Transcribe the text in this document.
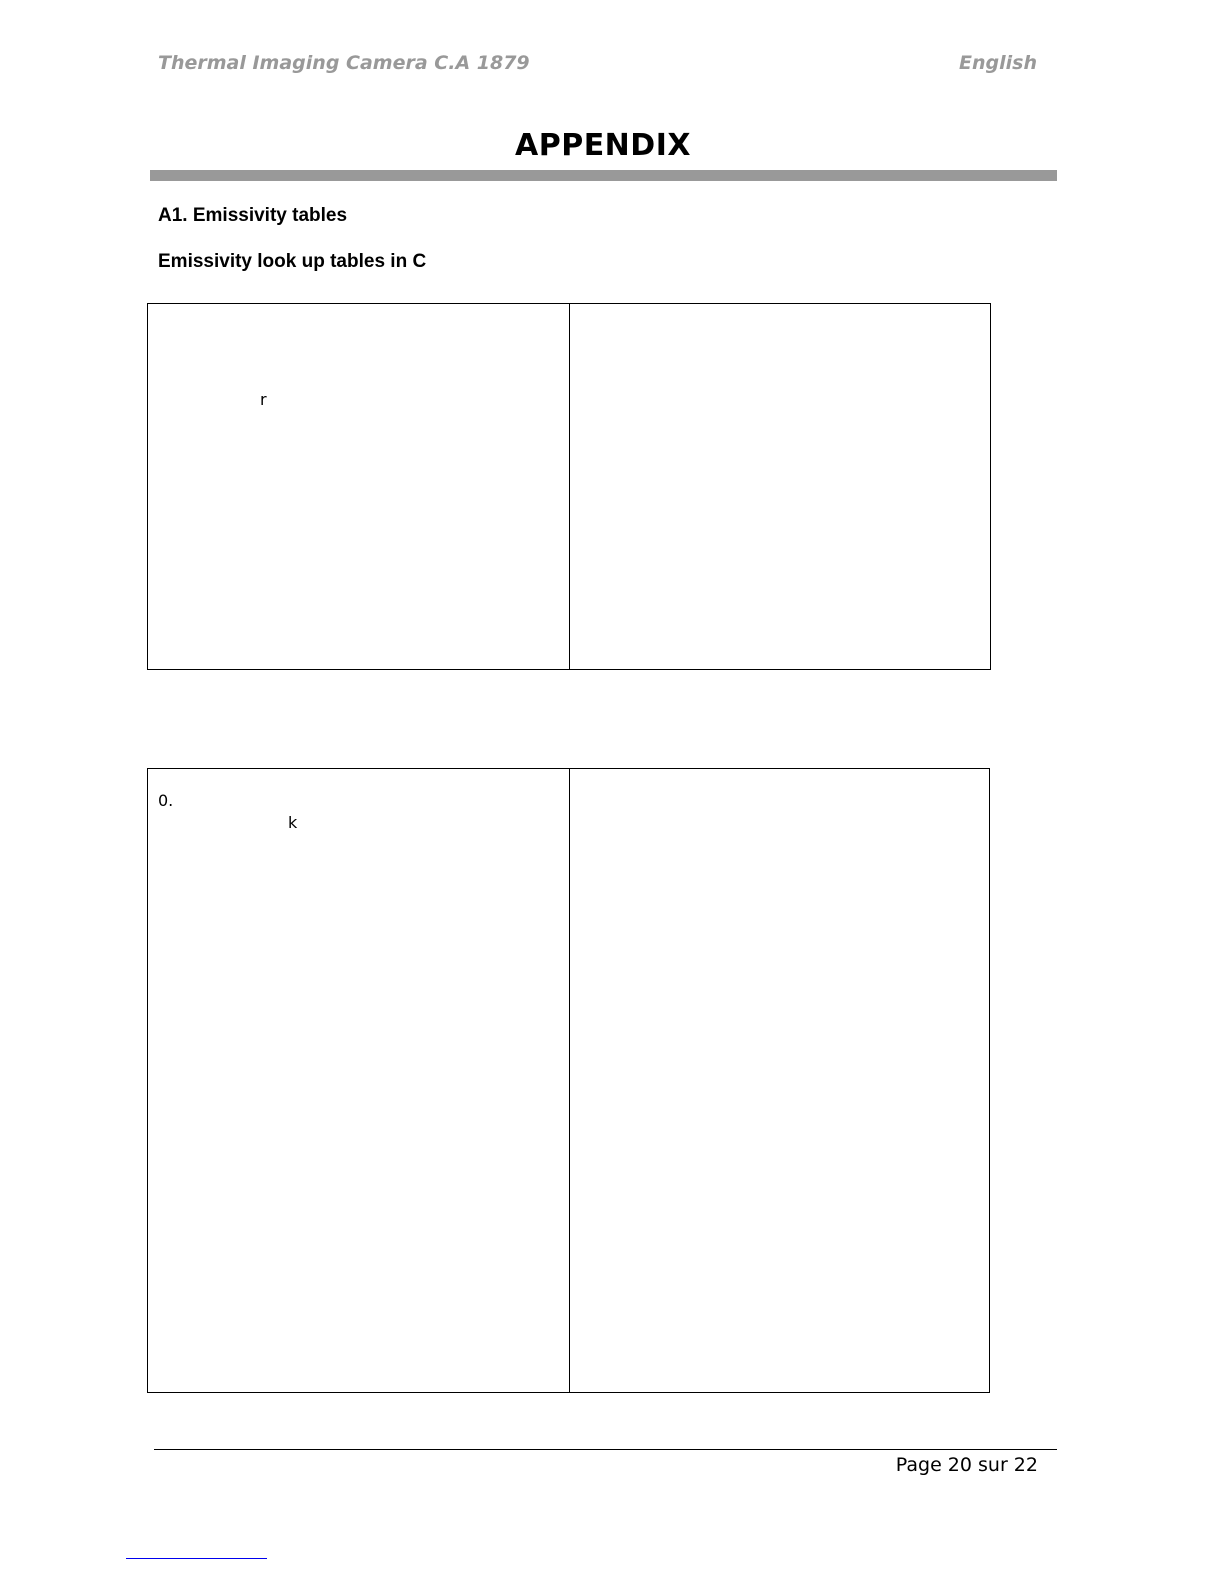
Thermal Imaging Camera C.A 1879	English
APPENDIX
A1. Emissivity tables
Emissivity look up tables in C
r
0.
k
Page 20 sur 22
